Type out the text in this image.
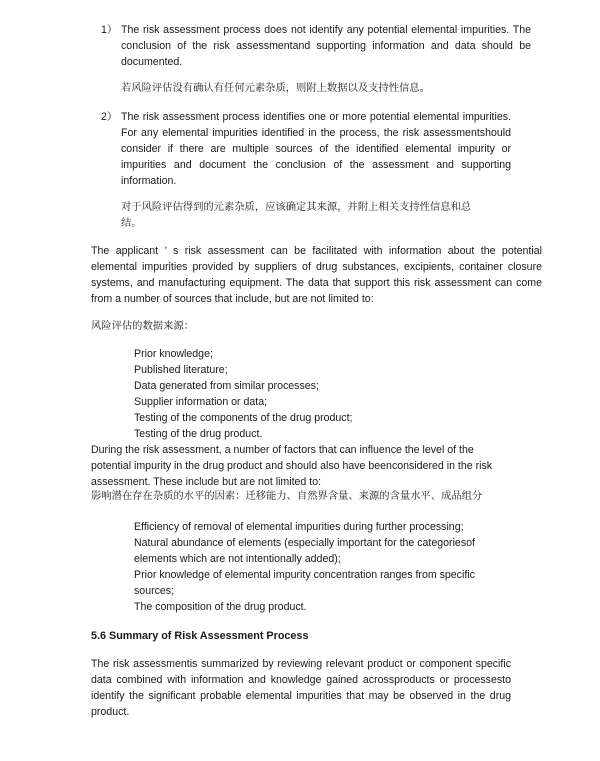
1） The risk assessment process does not identify any potential elemental impurities. The conclusion of the risk assessmentand supporting information and data should be documented.
若风险评估没有确认有任何元素杂质，则附上数据以及支持性信息。
2） The risk assessment process identifies one or more potential elemental impurities. For any elemental impurities identified in the process, the risk assessmentshould consider if there are multiple sources of the identified elemental impurity or impurities and document the conclusion of the assessment and supporting information.
对于风险评估得到的元素杂质，应该确定其来源，并附上相关支持性信息和总结。
The applicant ’ s risk assessment can be facilitated with information about the potential elemental impurities provided by suppliers of drug substances, excipients, container closure systems, and manufacturing equipment. The data that support this risk assessment can come from a number of sources that include, but are not limited to:
风险评估的数据来源：
Prior knowledge;
Published literature;
Data generated from similar processes;
Supplier information or data;
Testing of the components of the drug product;
Testing of the drug product.
During the risk assessment, a number of factors that can influence the level of the potential impurity in the drug product and should also have beenconsidered in the risk assessment. These include but are not limited to:
影响潜在存在杂质的水平的因素：迁移能力、自然界含量、来源的含量水平、成品组分
Efficiency of removal of elemental impurities during further processing;
Natural abundance of elements (especially important for the categoriesof elements which are not intentionally added);
Prior knowledge of elemental impurity concentration ranges from specific sources;
The composition of the drug product.
5.6 Summary of Risk Assessment Process
The risk assessmentis summarized by reviewing relevant product or component specific data combined with information and knowledge gained acrossproducts or processesto identify the significant probable elemental impurities that may be observed in the drug product.
